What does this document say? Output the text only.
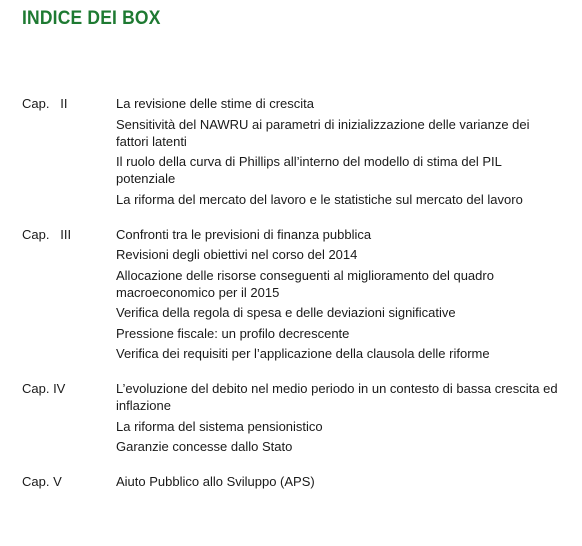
INDICE DEI BOX
Cap.   II	La revisione delle stime di crescita
Sensitività del NAWRU ai parametri di inizializzazione delle varianze dei fattori latenti
Il ruolo della curva di Phillips all’interno del modello di stima del PIL potenziale
La riforma del mercato del lavoro e le statistiche sul mercato del lavoro
Cap.   III	Confronti tra le previsioni di finanza pubblica
Revisioni degli obiettivi nel corso del 2014
Allocazione delle risorse conseguenti al miglioramento del quadro macroeconomico per il 2015
Verifica della regola di spesa e delle deviazioni significative
Pressione fiscale: un profilo decrescente
Verifica dei requisiti per l’applicazione della clausola delle riforme
Cap. IV	L’evoluzione del debito nel medio periodo in un contesto di bassa crescita ed inflazione
La riforma del sistema pensionistico
Garanzie concesse dallo Stato
Cap. V	Aiuto Pubblico allo Sviluppo (APS)
